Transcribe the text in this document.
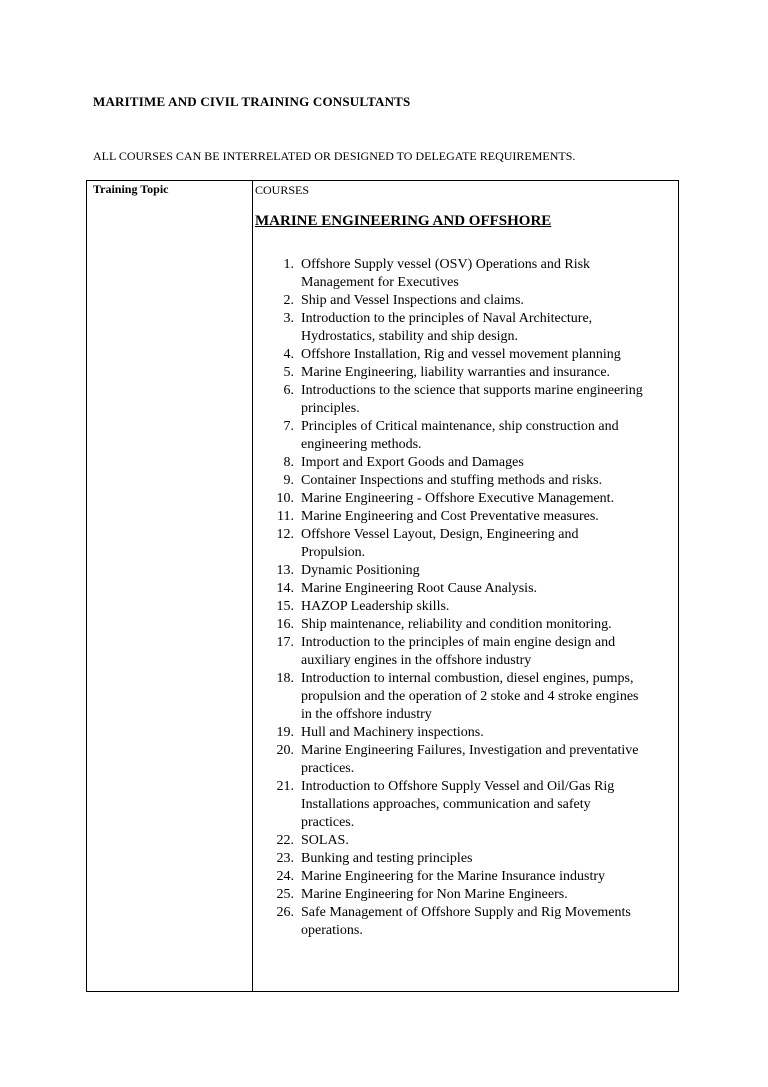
MARITIME AND CIVIL TRAINING CONSULTANTS

ALL COURSES CAN BE INTERRELATED OR DESIGNED TO DELEGATE REQUIREMENTS.

Training Topic	COURSES
MARINE ENGINEERING AND OFFSHORE
1. Offshore Supply vessel (OSV) Operations and Risk
Management for Executives
2. Ship and Vessel Inspections and claims.
3. Introduction to the principles of Naval Architecture,
Hydrostatics, stability and ship design.
4. Offshore Installation, Rig and vessel movement planning
5. Marine Engineering, liability warranties and insurance.
6. Introductions to the science that supports marine engineering
principles.
7. Principles of Critical maintenance, ship construction and
engineering methods.
8. Import and Export Goods and Damages
9. Container Inspections and stuffing methods and risks.
10. Marine Engineering - Offshore Executive Management.
11. Marine Engineering and Cost Preventative measures.
12. Offshore Vessel Layout, Design, Engineering and
Propulsion.
13. Dynamic Positioning
14. Marine Engineering Root Cause Analysis.
15. HAZOP Leadership skills.
16. Ship maintenance, reliability and condition monitoring.
17. Introduction to the principles of main engine design and
auxiliary engines in the offshore industry
18. Introduction to internal combustion, diesel engines, pumps,
propulsion and the operation of 2 stoke and 4 stroke engines
in the offshore industry
19. Hull and Machinery inspections.
20. Marine Engineering Failures, Investigation and preventative
practices.
21. Introduction to Offshore Supply Vessel and Oil/Gas Rig
Installations approaches, communication and safety
practices.
22. SOLAS.
23. Bunking and testing principles
24. Marine Engineering for the Marine Insurance industry
25. Marine Engineering for Non Marine Engineers.
26. Safe Management of Offshore Supply and Rig Movements
operations.
